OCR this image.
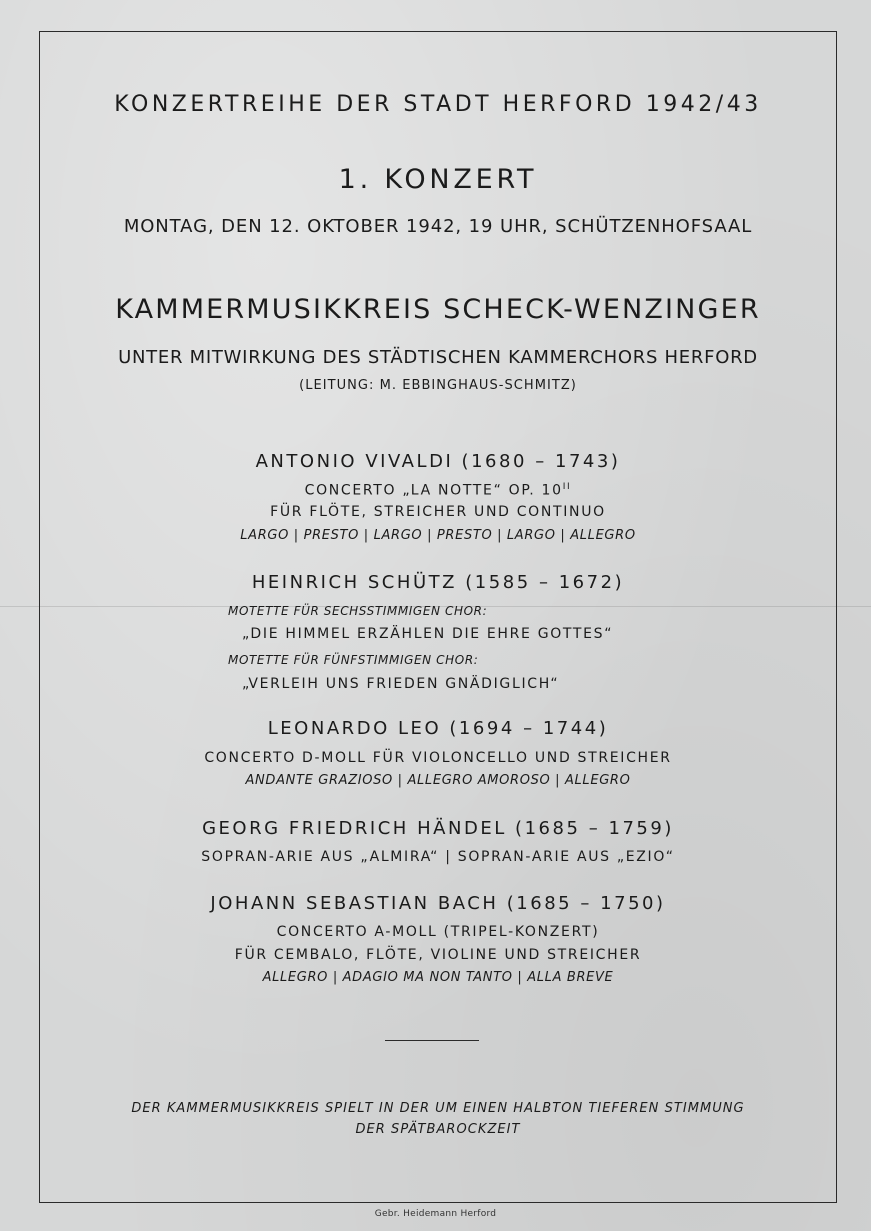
KONZERTREIHE DER STADT HERFORD 1942/43
1. KONZERT
MONTAG, DEN 12. OKTOBER 1942, 19 UHR, SCHÜTZENHOFSAAL
KAMMERMUSIKKREIS SCHECK-WENZINGER
UNTER MITWIRKUNG DES STÄDTISCHEN KAMMERCHORS HERFORD
(LEITUNG: M. EBBINGHAUS-SCHMITZ)
ANTONIO VIVALDI (1680 – 1743)
CONCERTO „LA NOTTE“ OP. $10^{II}$
FÜR FLÖTE, STREICHER UND CONTINUO
LARGO | PRESTO | LARGO | PRESTO | LARGO | ALLEGRO
HEINRICH SCHÜTZ (1585 – 1672)
MOTETTE FÜR SECHSSTIMMIGEN CHOR:
„DIE HIMMEL ERZÄHLEN DIE EHRE GOTTES“
MOTETTE FÜR FÜNFSTIMMIGEN CHOR:
„VERLEIH UNS FRIEDEN GNÄDIGLICH“
LEONARDO LEO (1694 – 1744)
CONCERTO D-MOLL FÜR VIOLONCELLO UND STREICHER
ANDANTE GRAZIOSO | ALLEGRO AMOROSO | ALLEGRO
GEORG FRIEDRICH HÄNDEL (1685 – 1759)
SOPRAN-ARIE AUS „ALMIRA“ | SOPRAN-ARIE AUS „EZIO“
JOHANN SEBASTIAN BACH (1685 – 1750)
CONCERTO A-MOLL (TRIPEL-KONZERT)
FÜR CEMBALO, FLÖTE, VIOLINE UND STREICHER
ALLEGRO | ADAGIO MA NON TANTO | ALLA BREVE
DER KAMMERMUSIKKREIS SPIELT IN DER UM EINEN HALBTON TIEFEREN STIMMUNG
DER SPÄTBAROCKZEIT
Gebr. Heidemann Herford
